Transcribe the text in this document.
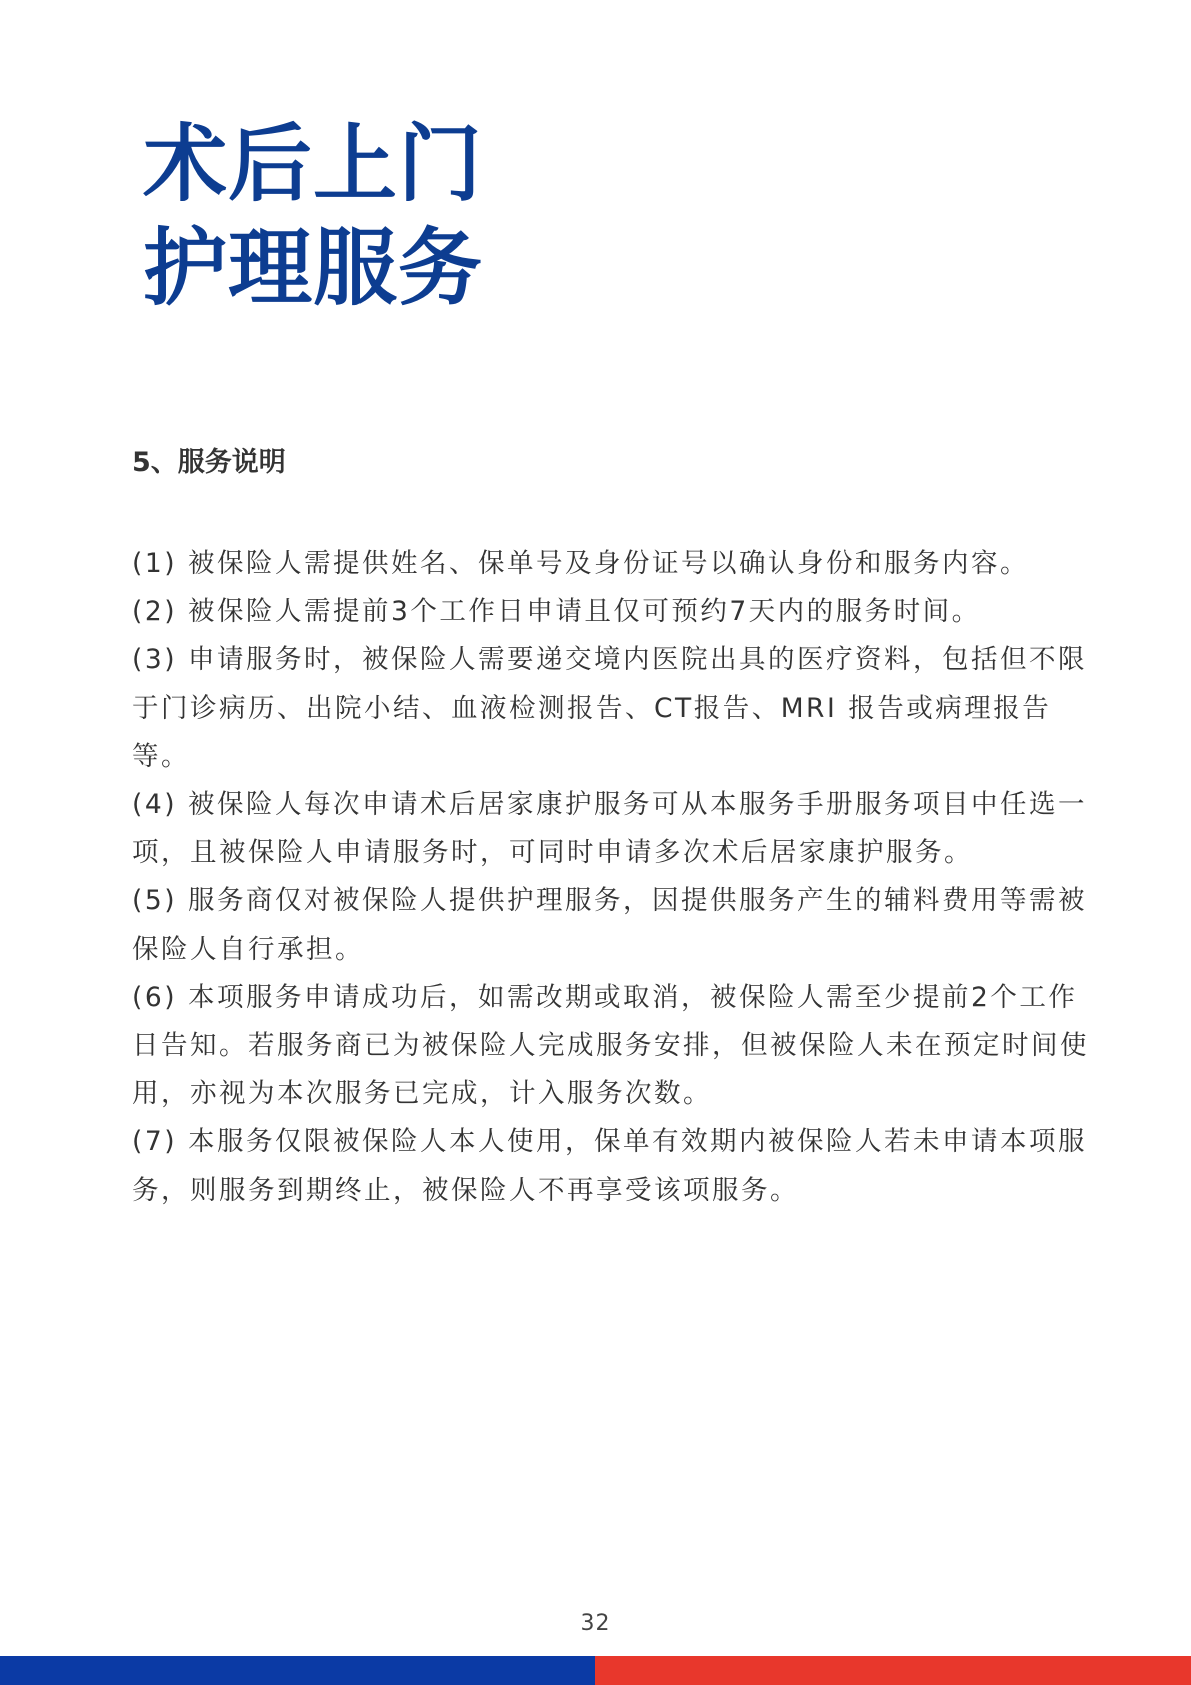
术后上门
护理服务
5、服务说明
(1) 被保险人需提供姓名、保单号及身份证号以确认身份和服务内容。
(2) 被保险人需提前3个工作日申请且仅可预约7天内的服务时间。
(3) 申请服务时，被保险人需要递交境内医院出具的医疗资料，包括但不限于门诊病历、出院小结、血液检测报告、CT报告、MRI 报告或病理报告等。
(4) 被保险人每次申请术后居家康护服务可从本服务手册服务项目中任选一项，且被保险人申请服务时，可同时申请多次术后居家康护服务。
(5) 服务商仅对被保险人提供护理服务，因提供服务产生的辅料费用等需被保险人自行承担。
(6) 本项服务申请成功后，如需改期或取消，被保险人需至少提前2个工作日告知。若服务商已为被保险人完成服务安排，但被保险人未在预定时间使用，亦视为本次服务已完成，计入服务次数。
(7) 本服务仅限被保险人本人使用，保单有效期内被保险人若未申请本项服务，则服务到期终止，被保险人不再享受该项服务。
32
